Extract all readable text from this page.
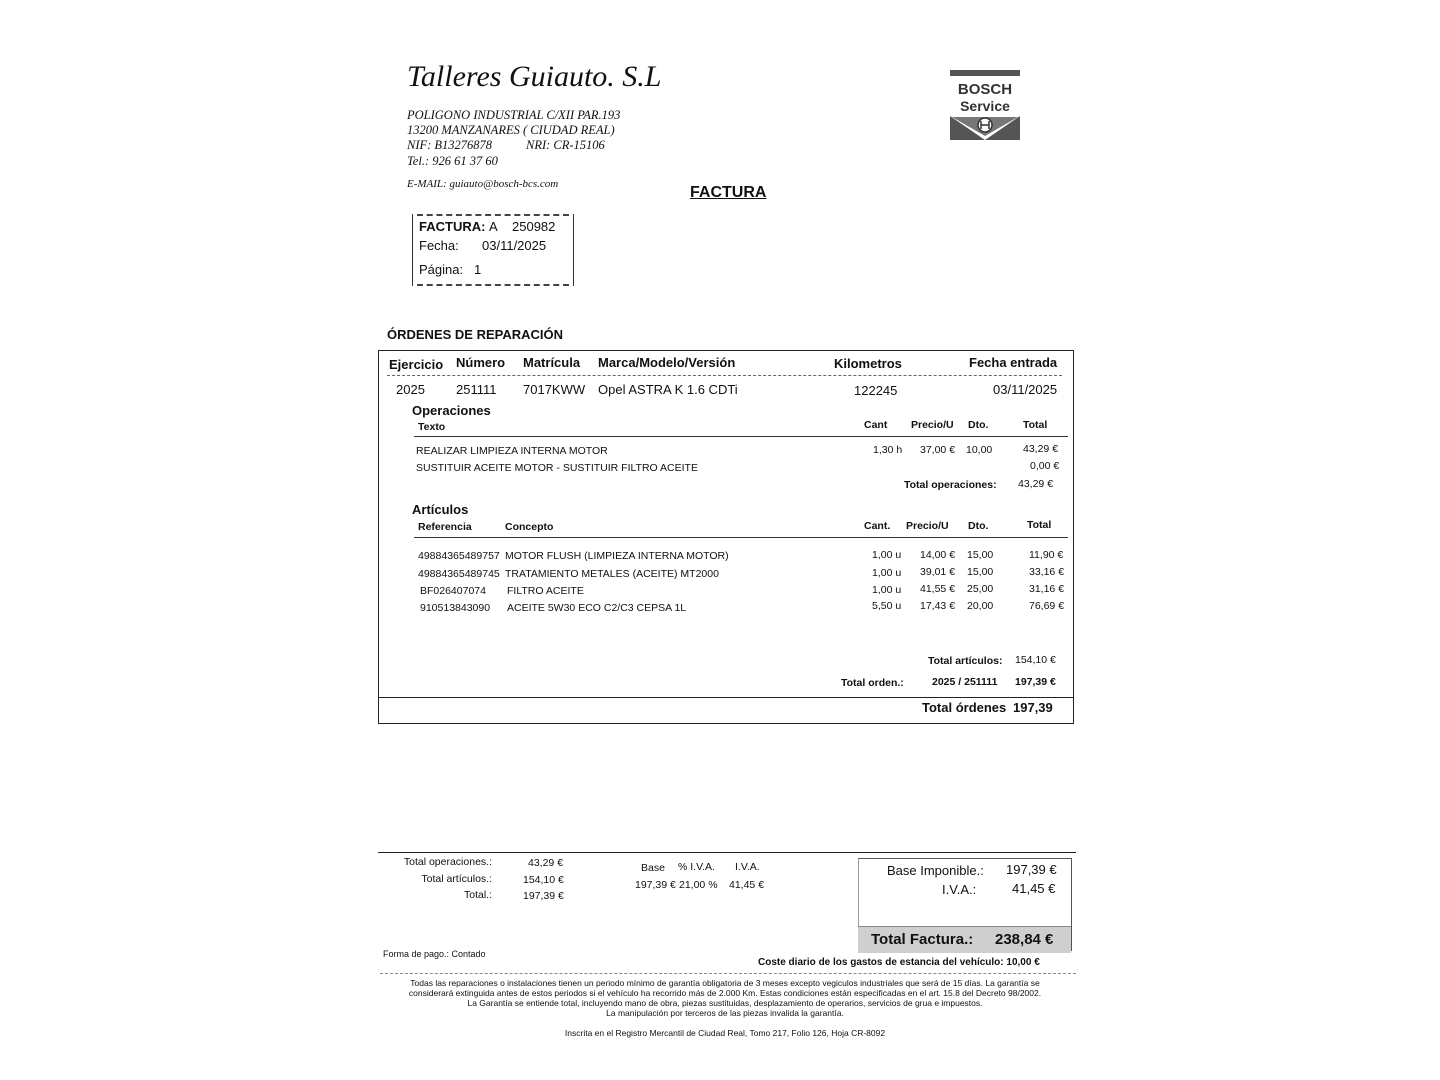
Talleres Guiauto. S.L
POLIGONO INDUSTRIAL C/XII PAR.193
13200 MANZANARES ( CIUDAD REAL)
NIF: B13276878	NRI: CR-15106
Tel.: 926 61 37 60
E-MAIL: guiauto@bosch-bcs.com
BOSCH
Service
FACTURA
FACTURA: A 250982
Fecha: 03/11/2025
Página: 1
ÓRDENES DE REPARACIÓN
Ejercicio Número Matrícula Marca/Modelo/Versión	Kilometros	Fecha entrada
2025 251111 7017KWW Opel ASTRA K 1.6 CDTi	122245	03/11/2025
Operaciones
Texto	Cant Precio/U Dto.	Total
REALIZAR LIMPIEZA INTERNA MOTOR	1,30 h 37,00 € 10,00	43,29 €
SUSTITUIR ACEITE MOTOR - SUSTITUIR FILTRO ACEITE	0,00 €
Total operaciones: 43,29 €
Artículos
Referencia	Concepto	Cant. Precio/U Dto.	Total
49884365489757 MOTOR FLUSH (LIMPIEZA INTERNA MOTOR)	1,00 u 14,00 € 15,00	11,90 €
49884365489745 TRATAMIENTO METALES (ACEITE) MT2000	1,00 u 39,01 € 15,00	33,16 €
BF026407074 FILTRO ACEITE	1,00 u 41,55 € 25,00	31,16 €
910513843090 ACEITE 5W30 ECO C2/C3 CEPSA 1L	5,50 u 17,43 € 20,00	76,69 €
Total artículos: 154,10 €
Total orden.:	2025 / 251111 197,39 €
Total órdenes 197,39
Total operaciones.:	43,29 €
Total artículos.:	154,10 €
Total.:	197,39 €
Base % I.V.A. I.V.A.
197,39 € 21,00 % 41,45 €
Base Imponible.: 197,39 €
I.V.A.:	41,45 €
Total Factura.: 238,84 €
Forma de pago.: Contado
Coste diario de los gastos de estancia del vehículo: 10,00 €
Todas las reparaciones o instalaciones tienen un periodo mínimo de garantía obligatoria de 3 meses excepto vegiculos industriales que será de 15 días. La garantía se
considerará extinguida antes de estos periodos si el vehículo ha recorrido más de 2.000 Km. Estas condiciones están especificadas en el art. 15.8 del Decreto 98/2002.
La Garantía se entiende total, incluyendo mano de obra, piezas sustituidas, desplazamiento de operarios, servicios de grua e impuestos.
La manipulación por terceros de las piezas invalida la garantía.
Inscrita en el Registro Mercantil de Ciudad Real, Tomo 217, Folio 126, Hoja CR-8092
